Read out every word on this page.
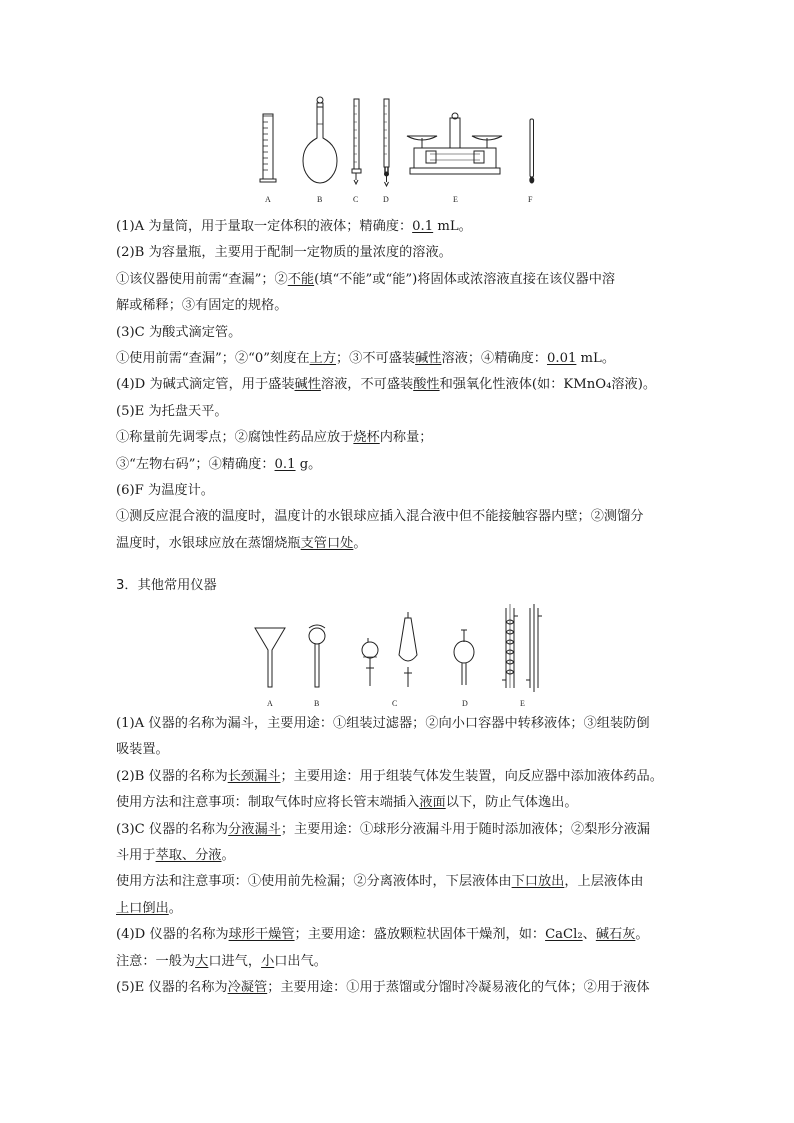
A	B	C	D	E	F
(1)A 为量筒，用于量取一定体积的液体；精确度：0.1 mL。
(2)B 为容量瓶，主要用于配制一定物质的量浓度的溶液。
①该仪器使用前需“查漏”；②不能(填“不能”或“能”)将固体或浓溶液直接在该仪器中溶
解或稀释；③有固定的规格。
(3)C 为酸式滴定管。
①使用前需“查漏”；②“0”刻度在上方；③不可盛装碱性溶液；④精确度：0.01 mL。
(4)D 为碱式滴定管，用于盛装碱性溶液，不可盛装酸性和强氧化性液体(如：KMnO₄溶液)。
(5)E 为托盘天平。
①称量前先调零点；②腐蚀性药品应放于烧杯内称量；
③“左物右码”；④精确度：0.1 g。
(6)F 为温度计。
①测反应混合液的温度时，温度计的水银球应插入混合液中但不能接触容器内壁；②测馏分
温度时，水银球应放在蒸馏烧瓶支管口处。
3．其他常用仪器
A	B	C	D	E
(1)A 仪器的名称为漏斗，主要用途：①组装过滤器；②向小口容器中转移液体；③组装防倒
吸装置。
(2)B 仪器的名称为长颈漏斗；主要用途：用于组装气体发生装置，向反应器中添加液体药品。
使用方法和注意事项：制取气体时应将长管末端插入液面以下，防止气体逸出。
(3)C 仪器的名称为分液漏斗；主要用途：①球形分液漏斗用于随时添加液体；②梨形分液漏
斗用于萃取、分液。
使用方法和注意事项：①使用前先检漏；②分离液体时，下层液体由下口放出，上层液体由
上口倒出。
(4)D 仪器的名称为球形干燥管；主要用途：盛放颗粒状固体干燥剂，如：CaCl₂、碱石灰。
注意：一般为大口进气，小口出气。
(5)E 仪器的名称为冷凝管；主要用途：①用于蒸馏或分馏时冷凝易液化的气体；②用于液体
